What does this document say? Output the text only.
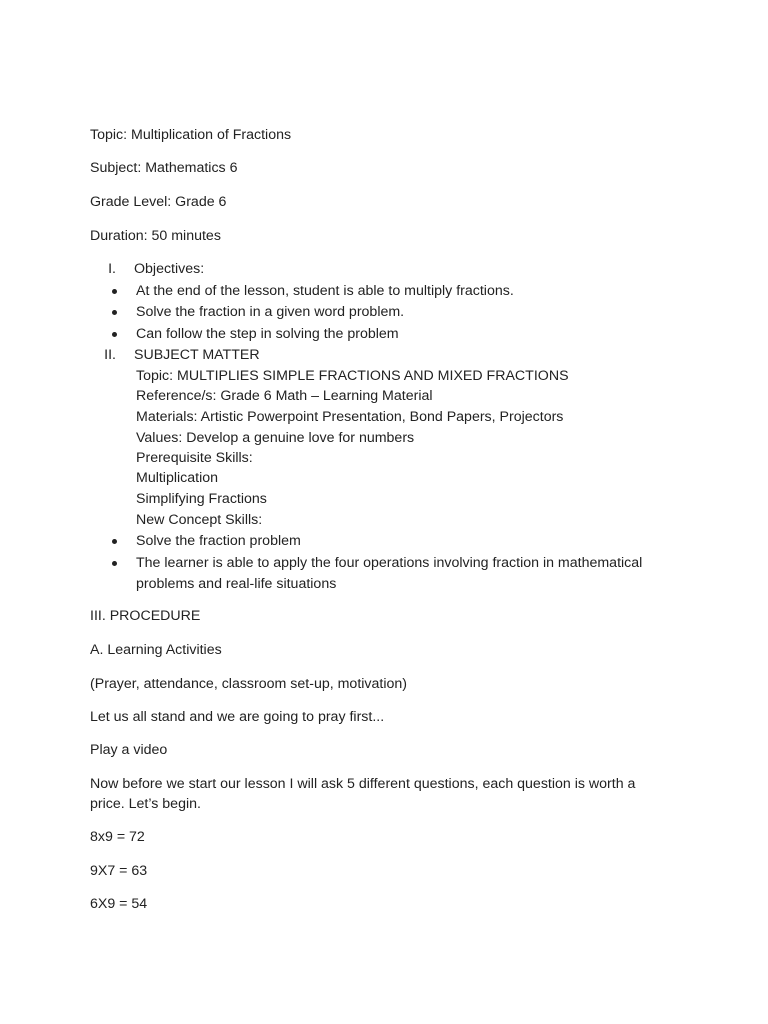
Topic: Multiplication of Fractions
Subject: Mathematics 6
Grade Level: Grade 6
Duration: 50 minutes
I. Objectives:
At the end of the lesson, student is able to multiply fractions.
Solve the fraction in a given word problem.
Can follow the step in solving the problem
II. SUBJECT MATTER
Topic: MULTIPLIES SIMPLE FRACTIONS AND MIXED FRACTIONS
Reference/s: Grade 6 Math – Learning Material
Materials: Artistic Powerpoint Presentation, Bond Papers, Projectors
Values: Develop a genuine love for numbers
Prerequisite Skills:
Multiplication
Simplifying Fractions
New Concept Skills:
Solve the fraction problem
The learner is able to apply the four operations involving fraction in mathematical
problems and real-life situations
III. PROCEDURE
A. Learning Activities
(Prayer, attendance, classroom set-up, motivation)
Let us all stand and we are going to pray first...
Play a video
Now before we start our lesson I will ask 5 different questions, each question is worth a
price. Let’s begin.
8x9 = 72
9X7 = 63
6X9 = 54
